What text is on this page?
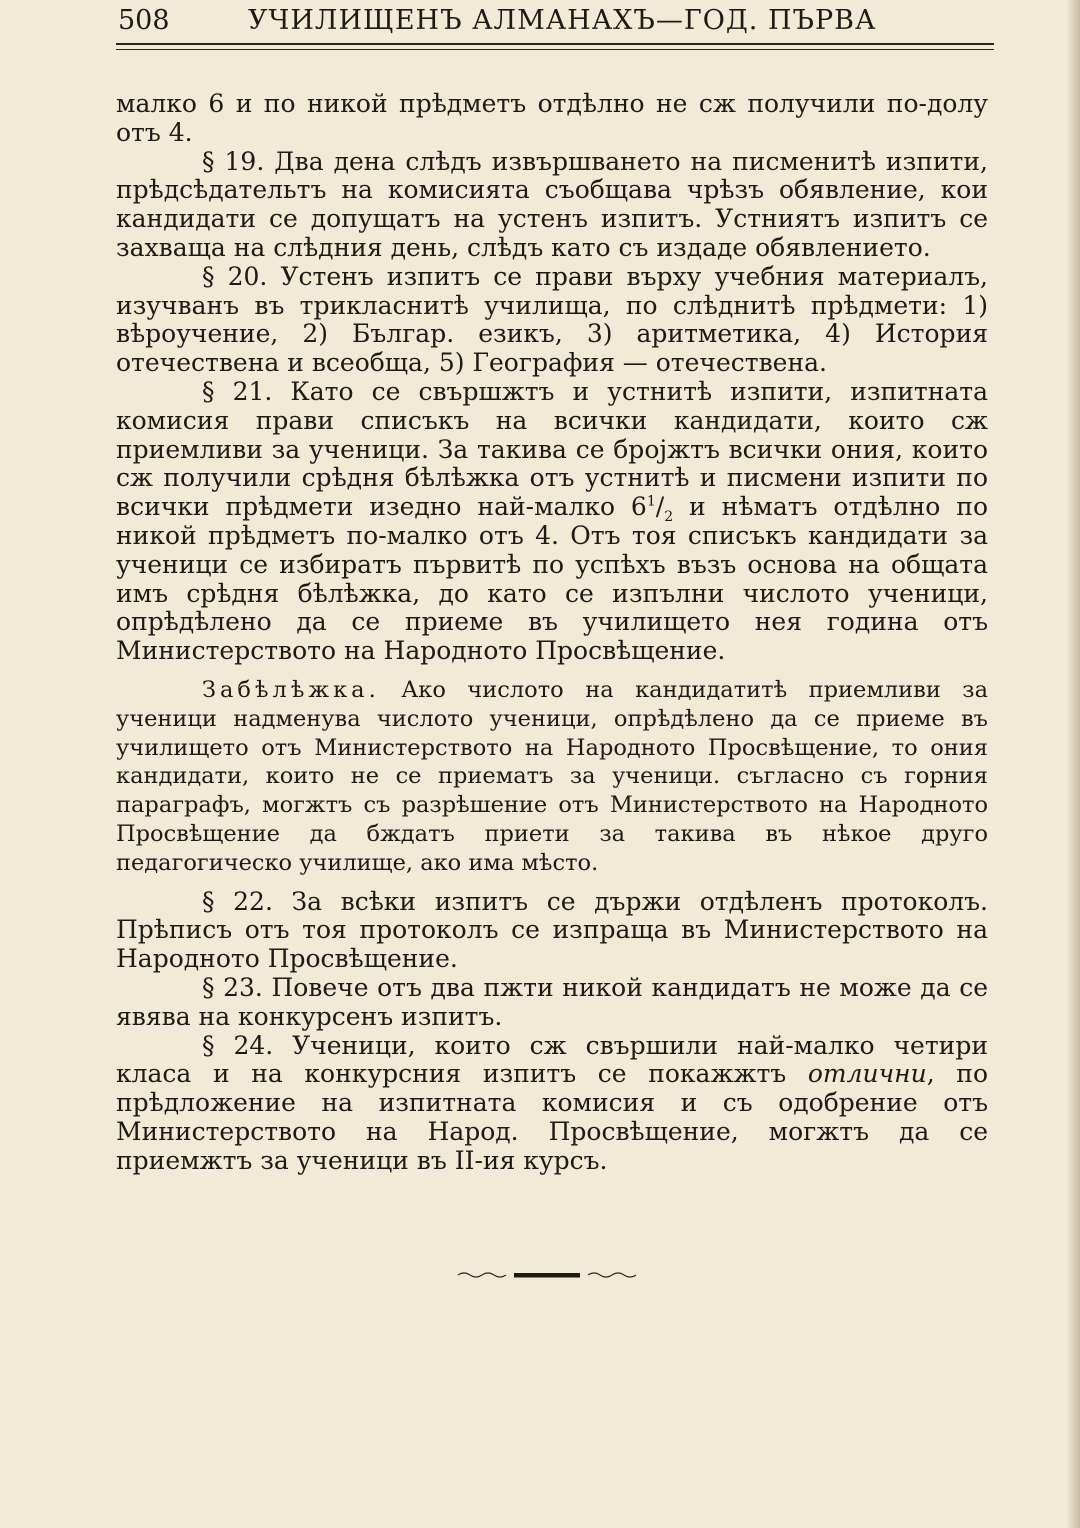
508	УЧИЛИЩЕНЪ АЛМАНАХЪ—ГОД. ПЪРВА

малко 6 и по никой прѣдметъ отдѣлно не сж получили по-долу отъ 4.

§ 19. Два дена слѣдъ извършването на писменитѣ изпити, прѣдсѣдательтъ на комисията съобщава чрѣзъ обявление, кои кандидати се допущатъ на устенъ изпитъ. Устниятъ изпитъ се захваща на слѣдния день, слѣдъ като съ издаде обявлението.

§ 20. Устенъ изпитъ се прави върху учебния материалъ, изучванъ въ трикласнитѣ училища, по слѣднитѣ прѣдмети: 1) вѣроучение, 2) Българ. езикъ, 3) аритметика, 4) История отечествена и всеобща, 5) География — отечествена.

§ 21. Като се свършжтъ и устнитѣ изпити, изпитната комисия прави списъкъ на всички кандидати, които сж приемливи за ученици. За такива се броjжтъ всички ония, които сж получили срѣдня бѣлѣжка отъ устнитѣ и писмени изпити по всички прѣдмети изедно най-малко $6^1/_2$ и нѣматъ отдѣлно по никой прѣдметъ по-малко отъ 4. Отъ тоя списъкъ кандидати за ученици се избиратъ първитѣ по успѣхъ възъ основа на общата имъ срѣдня бѣлѣжка, до като се изпълни числото ученици, опрѣдѣлено да се приеме въ училището нея година отъ Министерството на Народното Просвѣщение.

Забѣлѣжка. Ако числото на кандидатитѣ приемливи за ученици надменува числото ученици, опрѣдѣлено да се приеме въ училището отъ Министерството на Народното Просвѣщение, то ония кандидати, които не се приематъ за ученици. съгласно съ горния параграфъ, могжтъ съ разрѣшение отъ Министерството на Народното Просвѣщение да бждатъ приети за такива въ нѣкое друго педагогическо училище, ако има мѣсто.

§ 22. За всѣки изпитъ се държи отдѣленъ протоколъ. Прѣписъ отъ тоя протоколъ се изпраща въ Министерството на Народното Просвѣщение.

§ 23. Повече отъ два пжти никой кандидатъ не може да се явява на конкурсенъ изпитъ.

§ 24. Ученици, които сж свършили най-малко четири класа и на конкурсния изпитъ се покажжтъ отлични, по прѣдложение на изпитната комисия и съ одобрение отъ Министерството на Народ. Просвѣщение, могжтъ да се приемжтъ за ученици въ II-ия курсъ.
